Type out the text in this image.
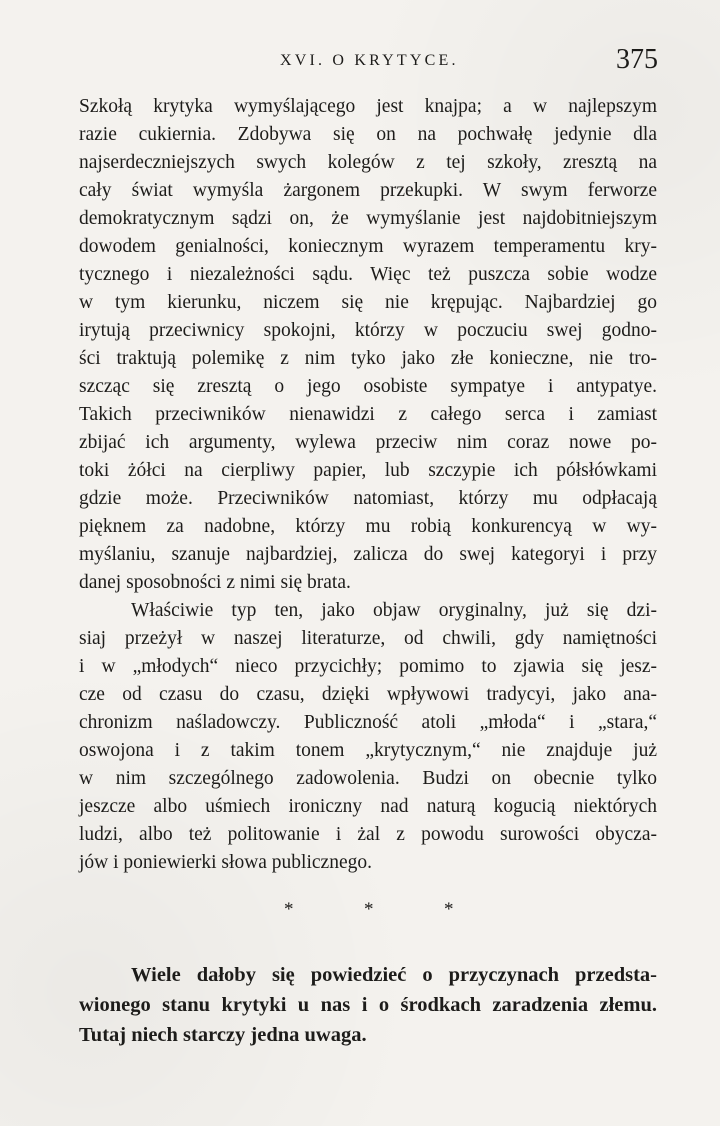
XVI. O KRYTYCE.	375
Szkołą krytyka wymyślającego jest knajpa; a w najlepszym
razie cukiernia. Zdobywa się on na pochwałę jedynie dla
najserdeczniejszych swych kolegów z tej szkoły, zresztą na
cały świat wymyśla żargonem przekupki. W swym ferworze
demokratycznym sądzi on, że wymyślanie jest najdobitniejszym
dowodem genialności, koniecznym wyrazem temperamentu kry-
tycznego i niezależności sądu. Więc też puszcza sobie wodze
w tym kierunku, niczem się nie krępując. Najbardziej go
irytują przeciwnicy spokojni, którzy w poczuciu swej godno-
ści traktują polemikę z nim tyko jako złe konieczne, nie tro-
szcząc się zresztą o jego osobiste sympatye i antypatye.
Takich przeciwników nienawidzi z całego serca i zamiast
zbijać ich argumenty, wylewa przeciw nim coraz nowe po-
toki żółci na cierpliwy papier, lub szczypie ich półsłówkami
gdzie może. Przeciwników natomiast, którzy mu odpłacają
pięknem za nadobne, którzy mu robią konkurencyą w wy-
myślaniu, szanuje najbardziej, zalicza do swej kategoryi i przy
danej sposobności z nimi się brata.
Właściwie typ ten, jako objaw oryginalny, już się dzi-
siaj przeżył w naszej literaturze, od chwili, gdy namiętności
i w „młodych“ nieco przycichły; pomimo to zjawia się jesz-
cze od czasu do czasu, dzięki wpływowi tradycyi, jako ana-
chronizm naśladowczy. Publiczność atoli „młoda“ i „stara,“
oswojona i z takim tonem „krytycznym,“ nie znajduje już
w nim szczególnego zadowolenia. Budzi on obecnie tylko
jeszcze albo uśmiech ironiczny nad naturą kogucią niektórych
ludzi, albo też politowanie i żal z powodu surowości obycza-
jów i poniewierki słowa publicznego.
*	*	*
Wiele dałoby się powiedzieć o przyczynach przedsta-
wionego stanu krytyki u nas i o środkach zaradzenia złemu.
Tutaj niech starczy jedna uwaga.
